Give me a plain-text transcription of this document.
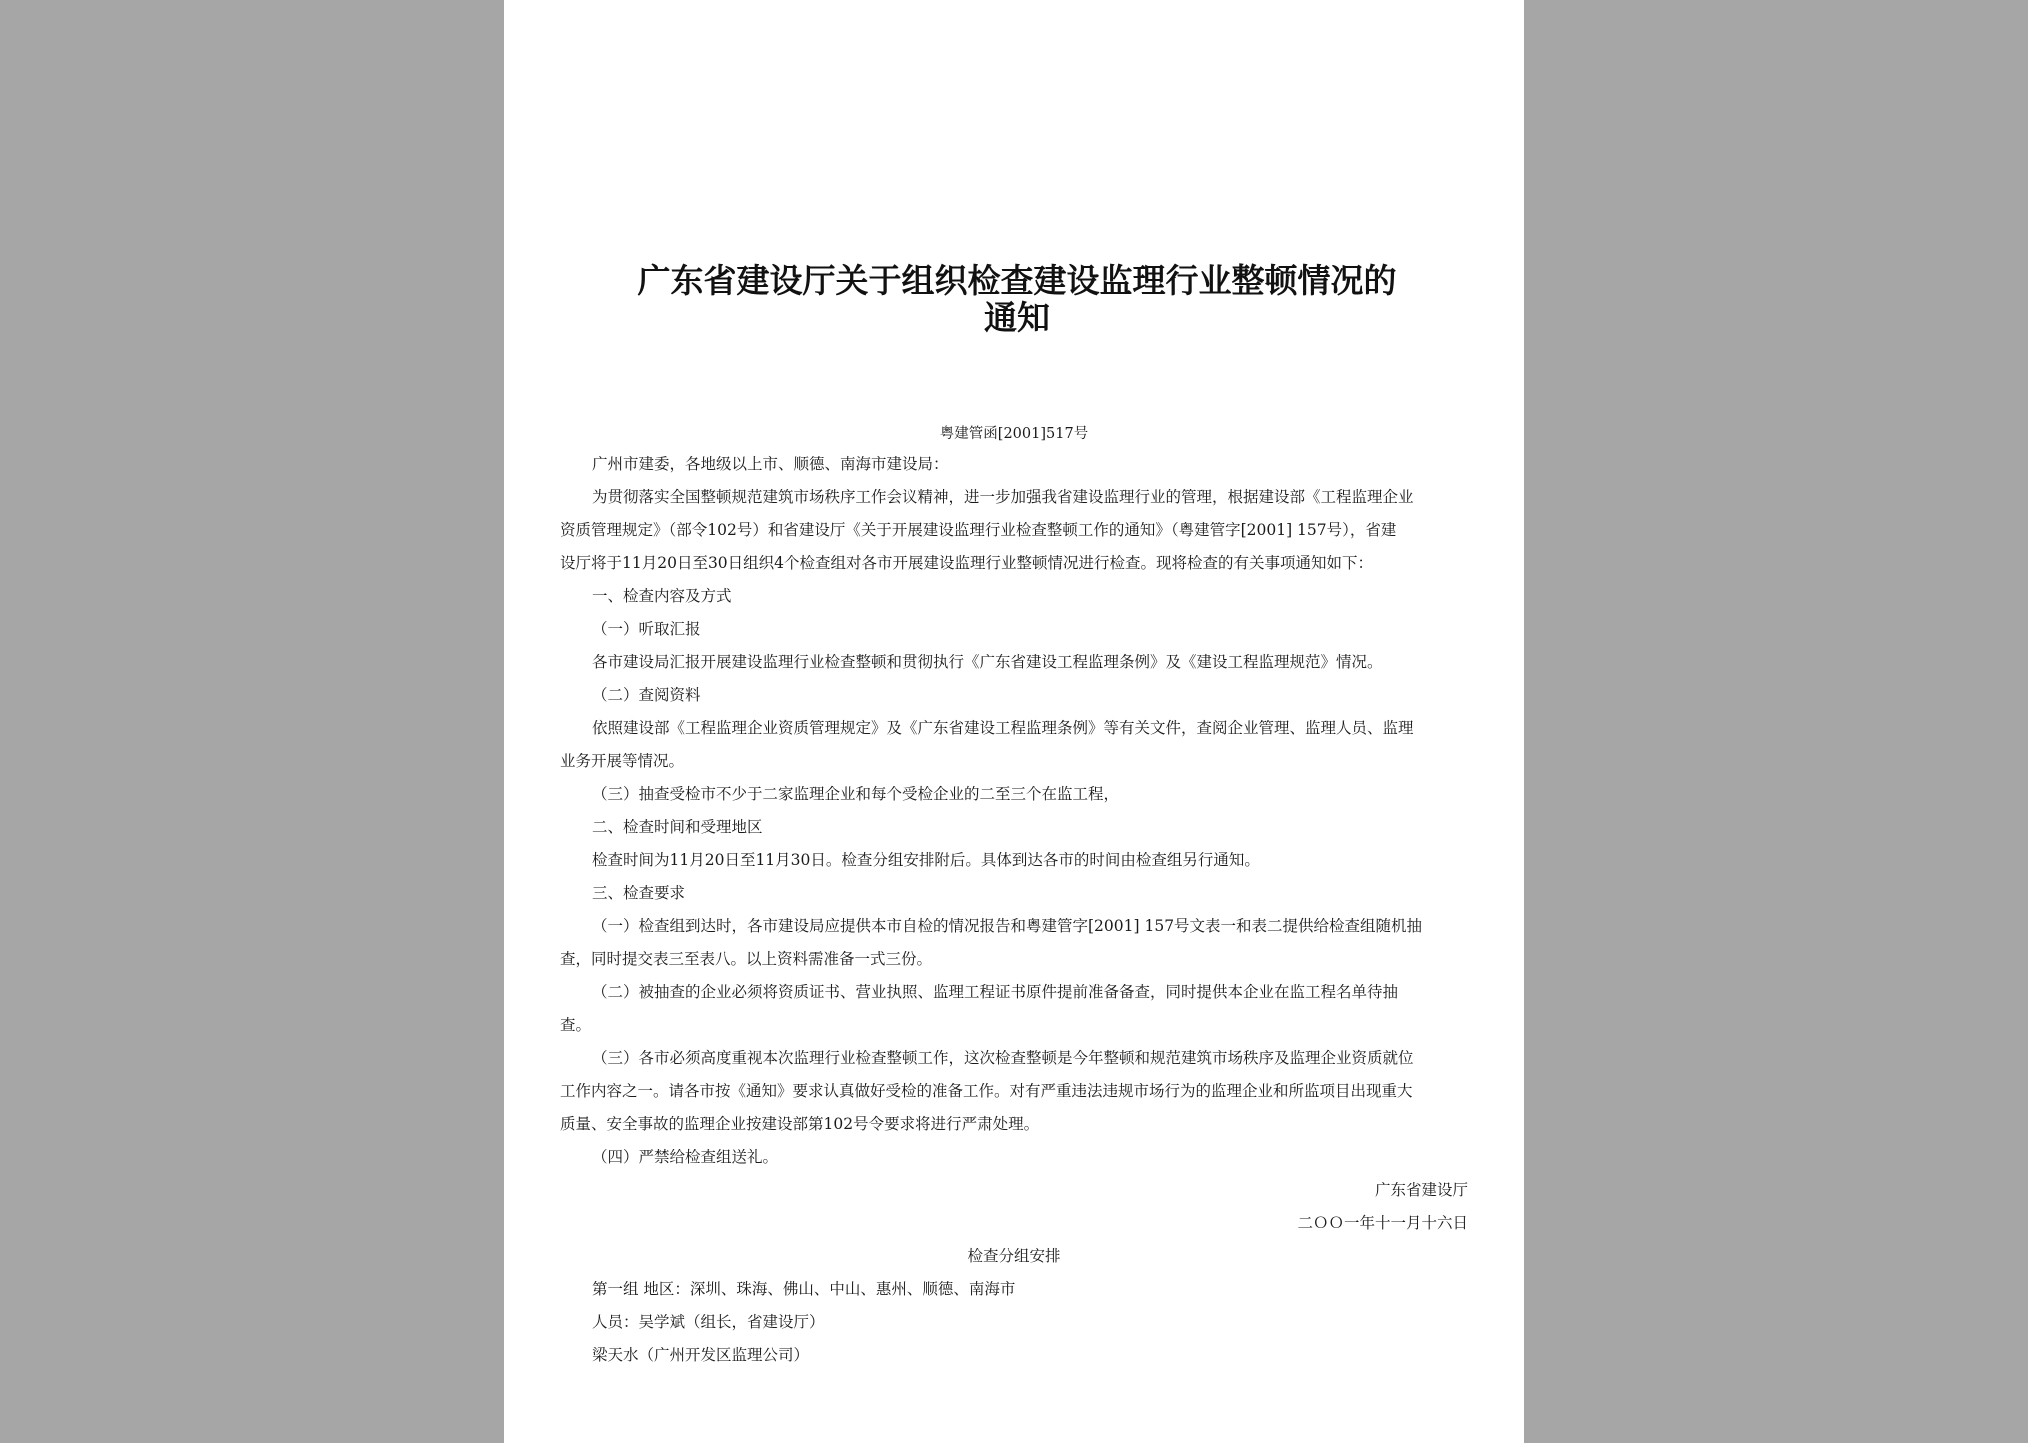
广东省建设厅关于组织检查建设监理行业整顿情况的
通知
粤建管函[2001]517号
广州市建委，各地级以上市、顺德、南海市建设局：
为贯彻落实全国整顿规范建筑市场秩序工作会议精神，进一步加强我省建设监理行业的管理，根据建设部《工程监理企业
资质管理规定》（部令102号）和省建设厅《关于开展建设监理行业检查整顿工作的通知》（粤建管字[2001] 157号），省建
设厅将于11月20日至30日组织4个检查组对各市开展建设监理行业整顿情况进行检查。现将检查的有关事项通知如下：
一、检查内容及方式
（一）听取汇报
各市建设局汇报开展建设监理行业检查整顿和贯彻执行《广东省建设工程监理条例》及《建设工程监理规范》情况。
（二）查阅资料
依照建设部《工程监理企业资质管理规定》及《广东省建设工程监理条例》等有关文件，查阅企业管理、监理人员、监理
业务开展等情况。
（三）抽查受检市不少于二家监理企业和每个受检企业的二至三个在监工程，
二、检查时间和受理地区
检查时间为11月20日至11月30日。检查分组安排附后。具体到达各市的时间由检查组另行通知。
三、检查要求
（一）检查组到达时，各市建设局应提供本市自检的情况报告和粤建管字[2001] 157号文表一和表二提供给检查组随机抽
查，同时提交表三至表八。以上资料需准备一式三份。
（二）被抽查的企业必须将资质证书、营业执照、监理工程证书原件提前准备备查，同时提供本企业在监工程名单待抽
查。
（三）各市必须高度重视本次监理行业检查整顿工作，这次检查整顿是今年整顿和规范建筑市场秩序及监理企业资质就位
工作内容之一。请各市按《通知》要求认真做好受检的准备工作。对有严重违法违规市场行为的监理企业和所监项目出现重大
质量、安全事故的监理企业按建设部第102号令要求将进行严肃处理。
（四）严禁给检查组送礼。
广东省建设厅
二ＯＯ一年十一月十六日
检查分组安排
第一组 地区：深圳、珠海、佛山、中山、惠州、顺德、南海市
人员：吴学斌（组长，省建设厅）
梁天水（广州开发区监理公司）
